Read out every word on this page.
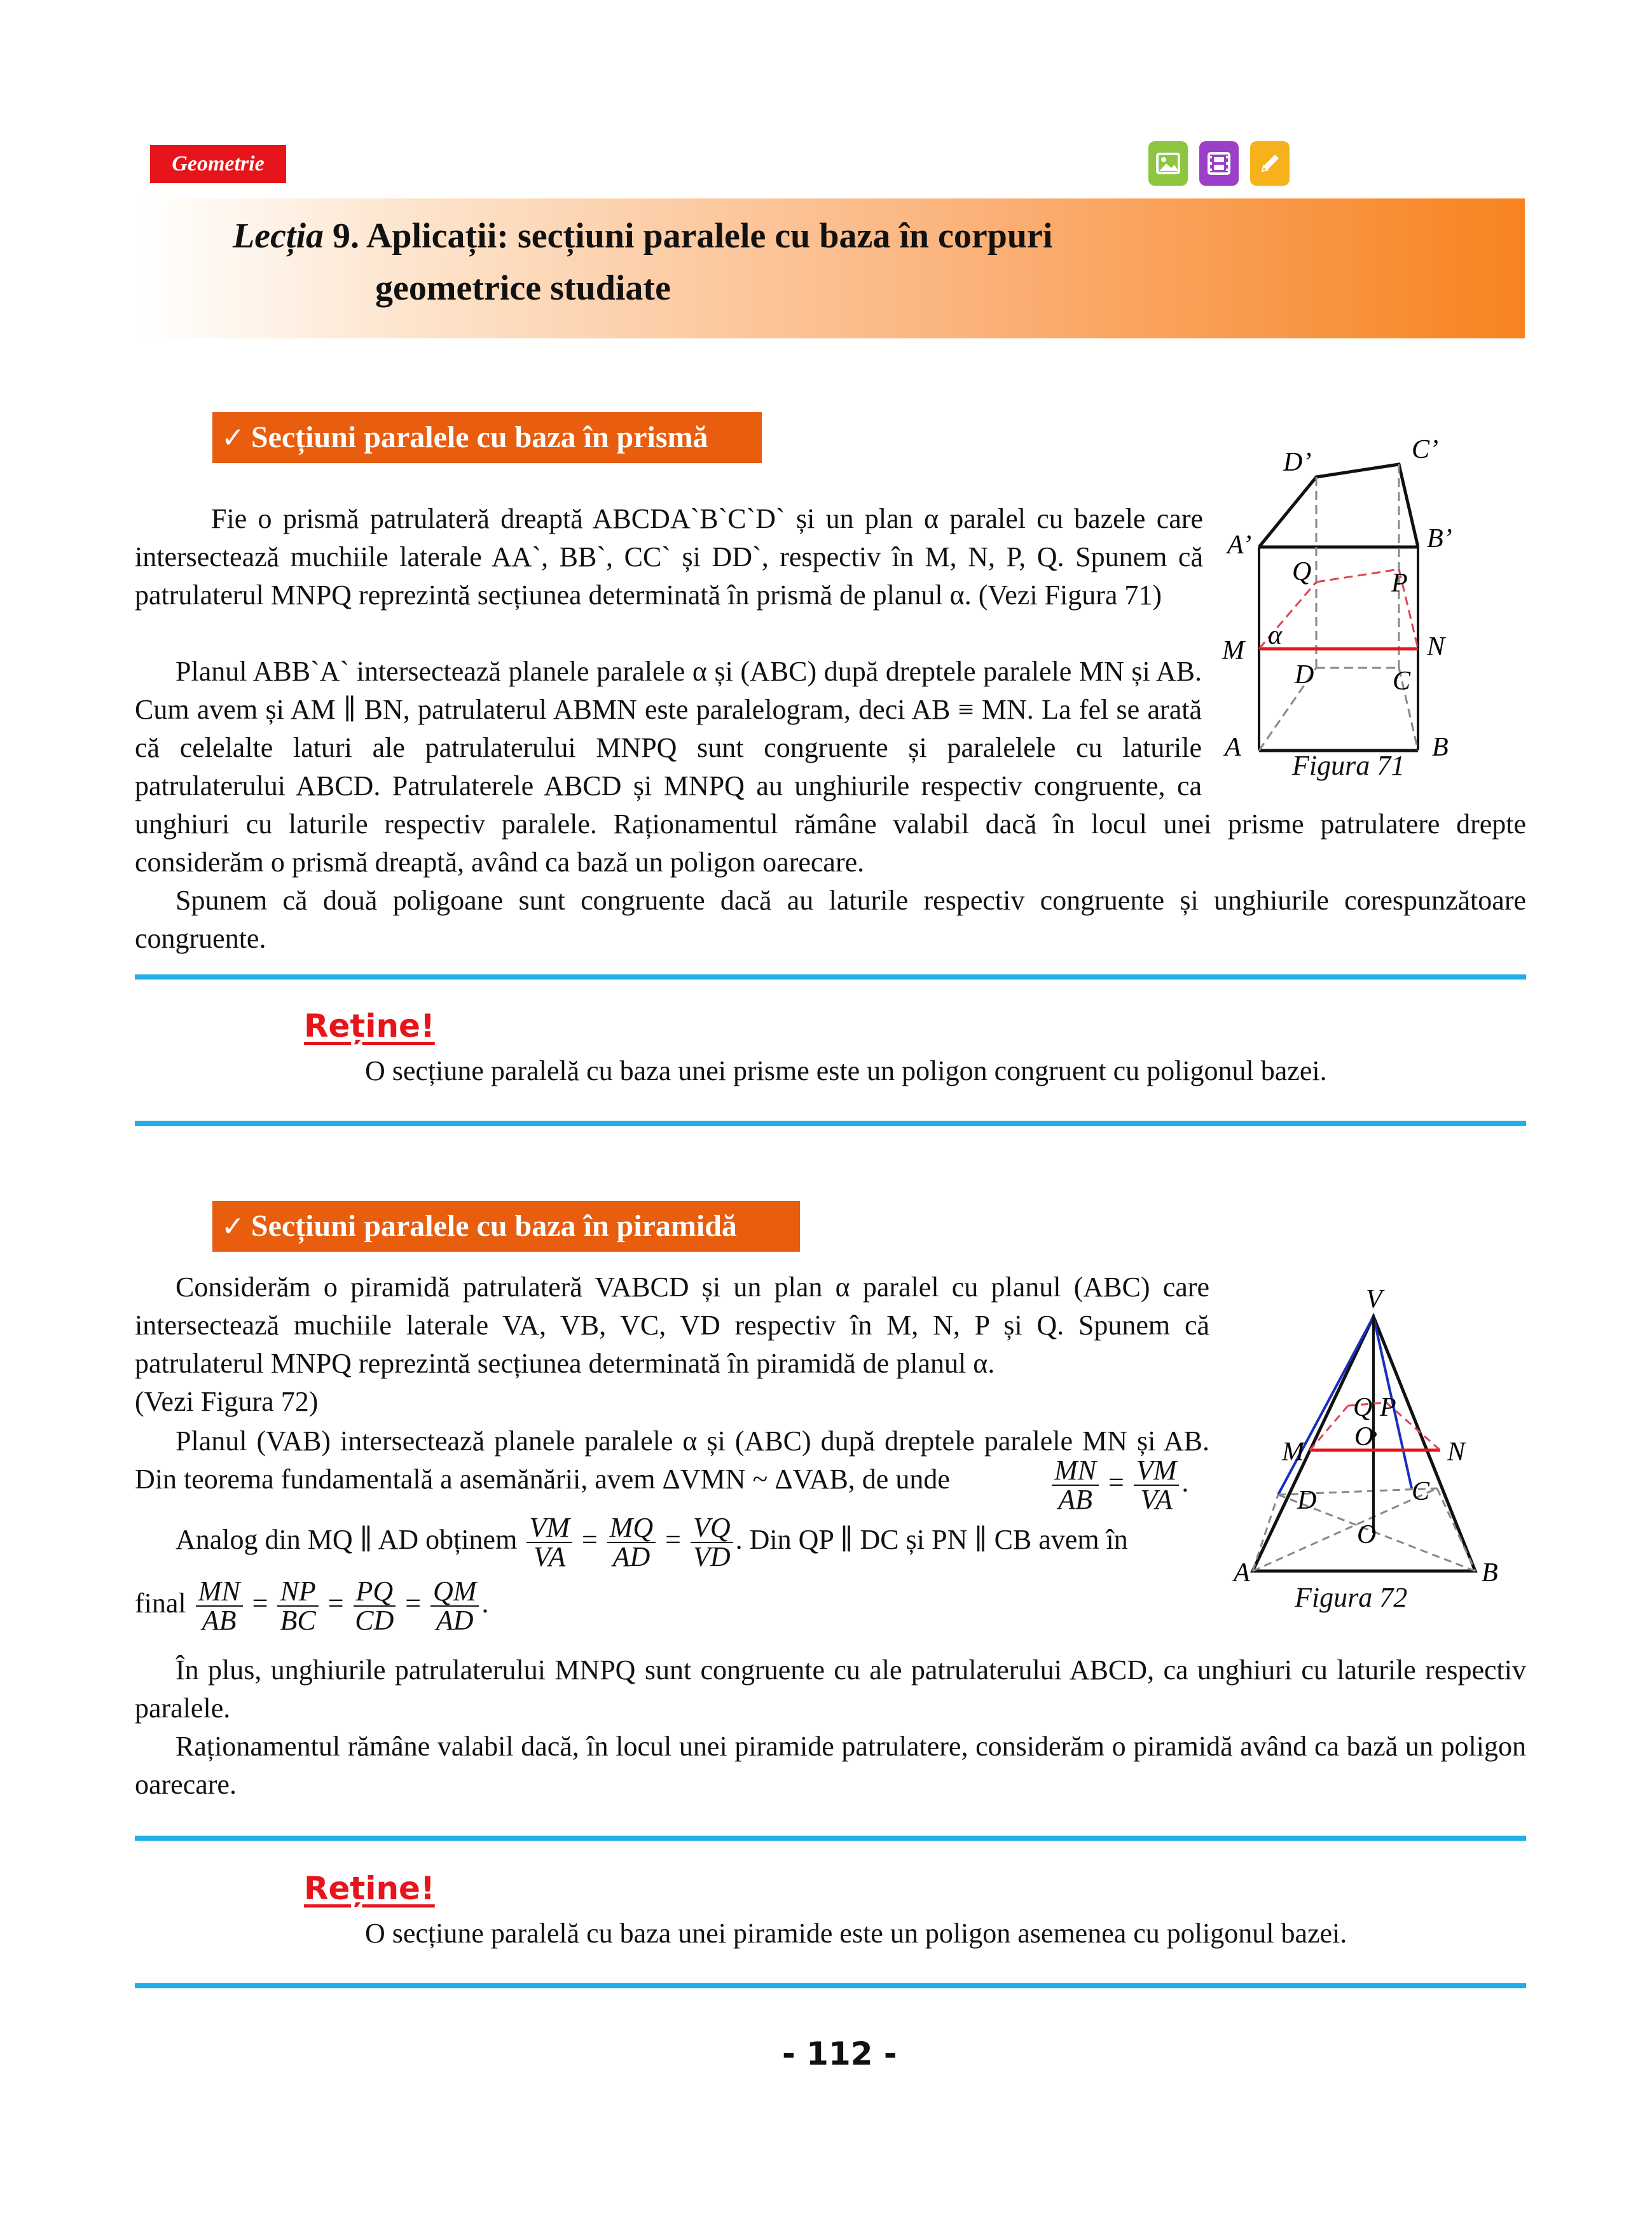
Geometrie
Lecția 9. Aplicații: secțiuni paralele cu baza în corpuri
geometrice studiate
✓ Secțiuni paralele cu baza în prismă
Fie o prismă patrulateră dreaptă ABCDA`B`C`D` și un plan α paralel cu bazele care intersectează muchiile laterale AA`, BB`, CC` și DD`, respectiv în M, N, P, Q. Spunem că patrulaterul MNPQ reprezintă secțiunea determinată în prismă de planul α. (Vezi Figura 71)
Planul ABB`A` intersectează planele paralele α și (ABC) după dreptele paralele MN și AB. Cum avem și AM ∥ BN, patrulaterul ABMN este paralelogram, deci AB ≡ MN. La fel se arată că celelalte laturi ale patrulaterului MNPQ sunt congruente și paralelele cu laturile patrulaterului ABCD. Patrulaterele ABCD și MNPQ au unghiurile respectiv congruente, ca unghiuri cu laturile respectiv paralele. Raționamentul rămâne valabil dacă în locul unei prisme patrulatere drepte considerăm o prismă dreaptă, având ca bază un poligon oarecare.
Spunem că două poligoane sunt congruente dacă au laturile respectiv congruente și unghiurile corespunzătoare congruente.
D’	C’
A’	B’
Q	P
M
α	N
D	C
A	B
Figura 71
Reține!
O secțiune paralelă cu baza unei prisme este un poligon congruent cu poligonul bazei.
✓ Secțiuni paralele cu baza în piramidă
Considerăm o piramidă patrulateră VABCD și un plan α paralel cu planul (ABC) care intersectează muchiile laterale VA, VB, VC, VD respectiv în M, N, P și Q. Spunem că patrulaterul MNPQ reprezintă secțiunea determinată în piramidă de planul α.
(Vezi Figura 72)
Planul (VAB) intersectează planele paralele α și (ABC) după dreptele paralele MN și AB. Din teorema fundamentală a asemănării, avem ΔVMN ~ ΔVAB, de unde	$\frac{MN}{AB} = \frac{VM}{VA}$ .
Analog din MQ ∥ AD obținem $\frac{VM}{VA} = \frac{MQ}{AD} = \frac{VQ}{VD}$ . Din QP ∥ DC și PN ∥ CB avem în
final $\frac{MN}{AB} = \frac{NP}{BC} = \frac{PQ}{CD} = \frac{QM}{AD}$ .
În plus, unghiurile patrulaterului MNPQ sunt congruente cu ale patrulaterului ABCD, ca unghiuri cu laturile respectiv paralele.
Raționamentul rămâne valabil dacă, în locul unei piramide patrulatere, considerăm o piramidă având ca bază un poligon oarecare.
V
Q P
M
O
N
D	C
O
A	B
Figura 72
Reține!
O secțiune paralelă cu baza unei piramide este un poligon asemenea cu poligonul bazei.
- 112 -
